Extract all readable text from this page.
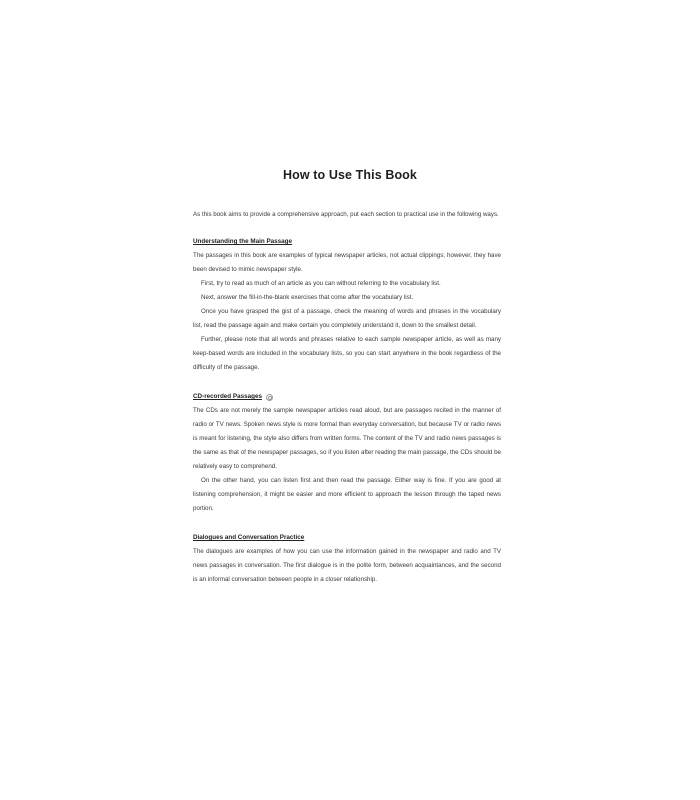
How to Use This Book

As this book aims to provide a comprehensive approach, put each section to practical use in the following ways.

Understanding the Main Passage

The passages in this book are examples of typical newspaper articles, not actual clippings; however, they have been devised to mimic newspaper style.

First, try to read as much of an article as you can without referring to the vocabulary list.

Next, answer the fill-in-the-blank exercises that come after the vocabulary list.

Once you have grasped the gist of a passage, check the meaning of words and phrases in the vocabulary list, read the passage again and make certain you completely understand it, down to the smallest detail.

Further, please note that all words and phrases relative to each sample newspaper article, as well as many keep-based words are included in the vocabulary lists, so you can start anywhere in the book regardless of the difficulty of the passage.

CD-recorded Passages

The CDs are not merely the sample newspaper articles read aloud, but are passages recited in the manner of radio or TV news. Spoken news style is more formal than everyday conversation, but because TV or radio news is meant for listening, the style also differs from written forms. The content of the TV and radio news passages is the same as that of the newspaper passages, so if you listen after reading the main passage, the CDs should be relatively easy to comprehend.

On the other hand, you can listen first and then read the passage. Either way is fine. If you are good at listening comprehension, it might be easier and more efficient to approach the lesson through the taped news portion.

Dialogues and Conversation Practice

The dialogues are examples of how you can use the information gained in the newspaper and radio and TV news passages in conversation. The first dialogue is in the polite form, between acquaintances, and the second is an informal conversation between people in a closer relationship.
